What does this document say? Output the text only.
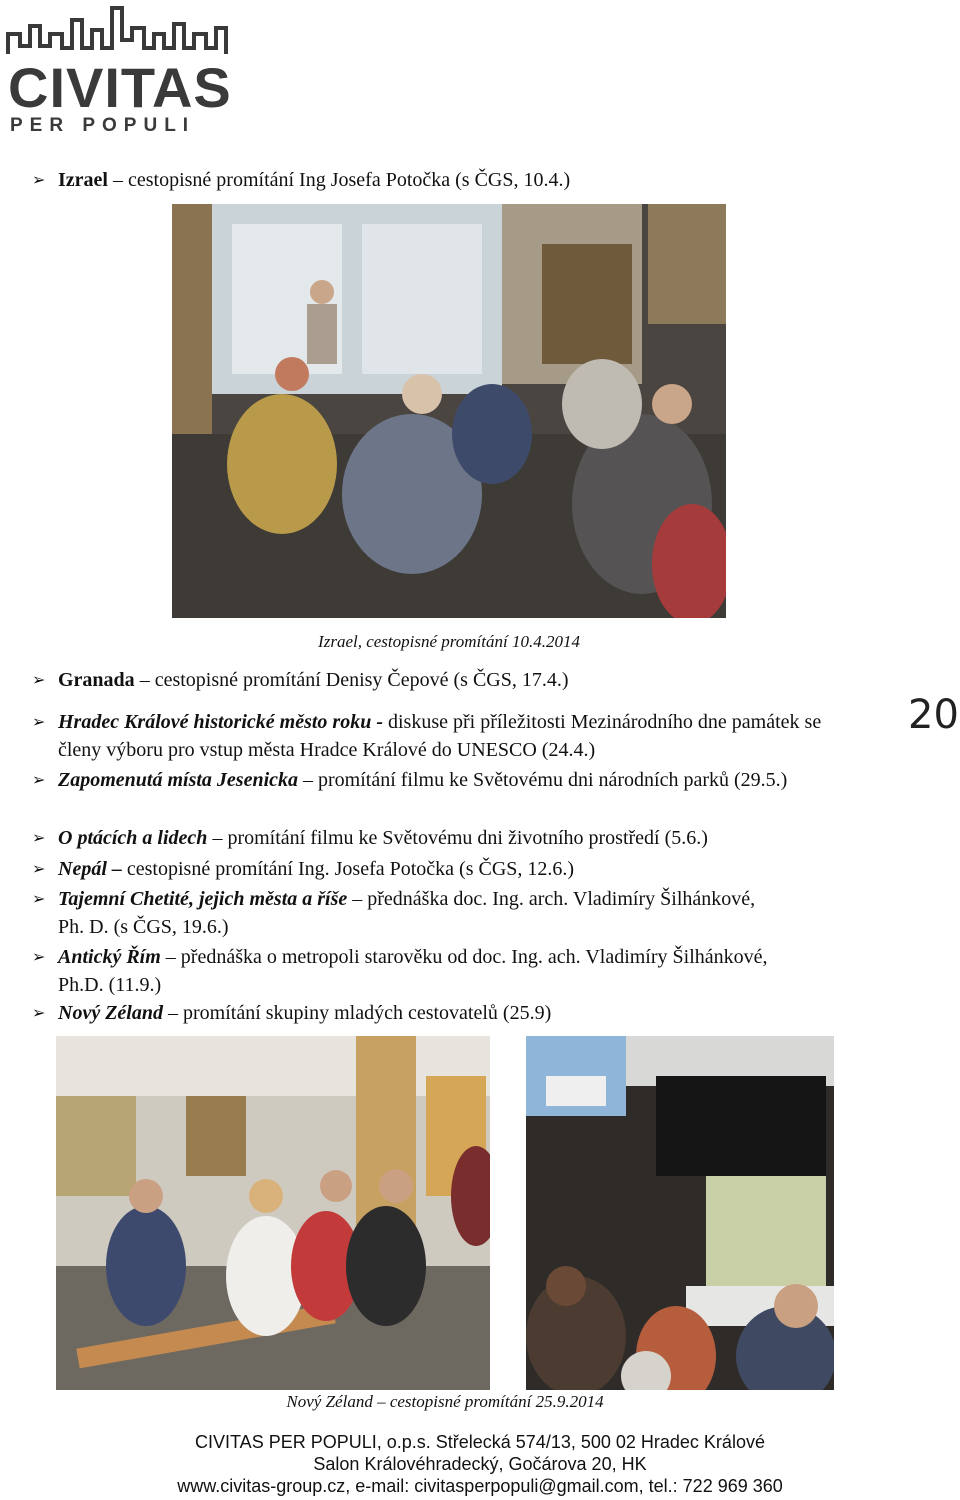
CIVITAS
PER POPULI
➢ Izrael – cestopisné promítání Ing Josefa Potočka (s ČGS, 10.4.)
Izrael, cestopisné promítání 10.4.2014
➢ Granada – cestopisné promítání Denisy Čepové (s ČGS, 17.4.)
➢ Hradec Králové historické město roku - diskuse při příležitosti Mezinárodního dne památek se členy výboru pro vstup města Hradce Králové do UNESCO (24.4.)
➢ Zapomenutá místa Jesenicka – promítání filmu ke Světovému dni národních parků (29.5.)
➢ O ptácích a lidech – promítání filmu ke Světovému dni životního prostředí (5.6.)
➢ Nepál – cestopisné promítání Ing. Josefa Potočka (s ČGS, 12.6.)
➢ Tajemní Chetité, jejich města a říše – přednáška doc. Ing. arch. Vladimíry Šilhánkové, Ph. D. (s ČGS, 19.6.)
➢ Antický Řím – přednáška o metropoli starověku od doc. Ing. ach. Vladimíry Šilhánkové, Ph.D. (11.9.)
➢ Nový Zéland – promítání skupiny mladých cestovatelů (25.9)
20
Nový Zéland – cestopisné promítání 25.9.2014
CIVITAS PER POPULI, o.p.s. Střelecká 574/13, 500 02 Hradec Králové
Salon Královéhradecký, Gočárova 20, HK
www.civitas-group.cz, e-mail: civitasperpopuli@gmail.com, tel.: 722 969 360
